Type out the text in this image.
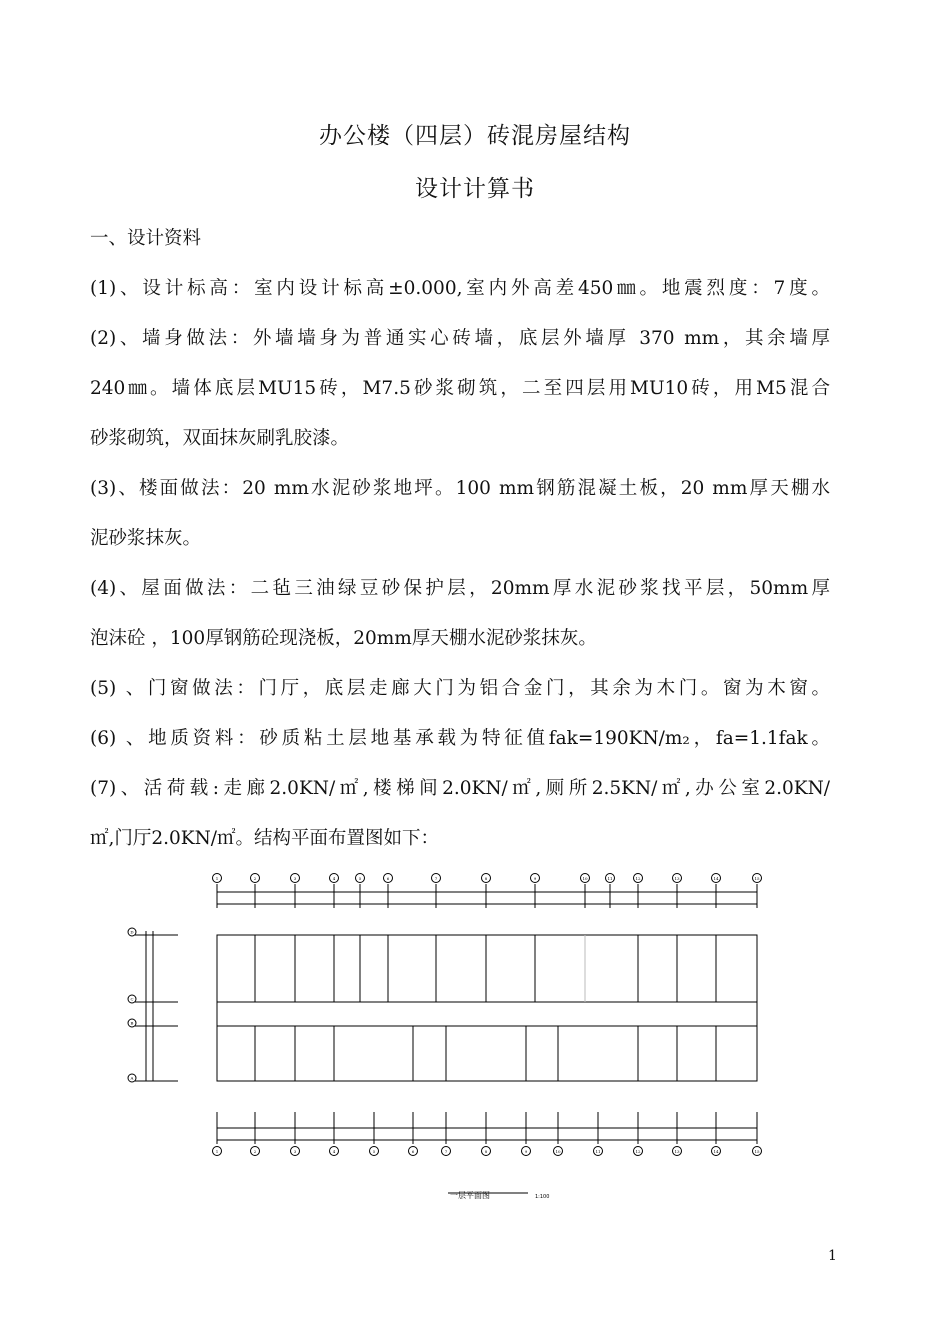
办公楼（四层）砖混房屋结构
设计计算书
一、设计资料
(1)、设计标高：室内设计标高±0.000,室内外高差450㎜。地震烈度：7度。
(2)、墙身做法：外墙墙身为普通实心砖墙，底层外墙厚 370 mm，其余墙厚
240㎜。墙体底层MU15砖，M7.5砂浆砌筑，二至四层用MU10砖，用M5混合
砂浆砌筑，双面抹灰刷乳胶漆。
(3)、楼面做法：20 mm水泥砂浆地坪。100 mm钢筋混凝土板，20 mm厚天棚水
泥砂浆抹灰。
(4)、屋面做法：二毡三油绿豆砂保护层，20mm厚水泥砂浆找平层，50mm厚
泡沫砼 ，100厚钢筋砼现浇板，20mm厚天棚水泥砂浆抹灰。
(5) 、门窗做法：门厅，底层走廊大门为铝合金门，其余为木门。窗为木窗。
(6) 、地质资料：砂质粘土层地基承载为特征值fak=190KN/m₂，fa=1.1fak。
(7)、活荷载:走廊2.0KN/㎡,楼梯间2.0KN/㎡,厕所2.5KN/㎡,办公室2.0KN/
㎡,门厅2.0KN/㎡。结构平面布置图如下：
1	2	3	4	5	6	7	8	9	10	11	12	13	14	15
1	2	3	4	5	6	7	8	9	10	11	12	13	14	15
D
C
B
A
一层平面图	1:100
1
